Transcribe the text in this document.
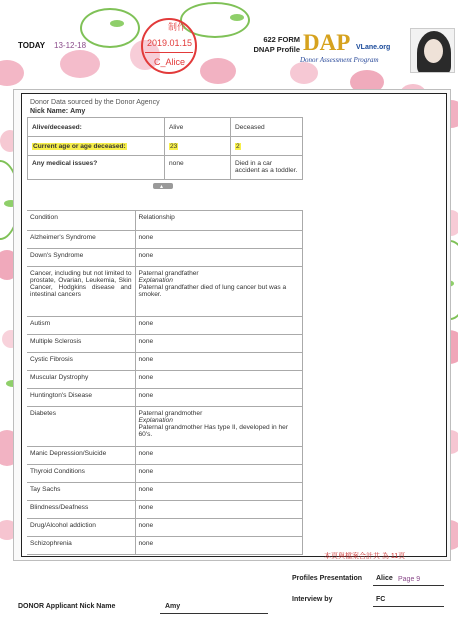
TODAY 13-12-18
制作
2019.01.15
C_Alice
622 FORM
DNAP Profile DAP VLane.org
Donor Assessment Program
Donor Data sourced by the Donor Agency
Nick Name: Amy
Alive/deceased:	Alive	Deceased
Current age or age deceased:	23	2
Any medical issues?	none	Died in a car accident as a toddler.
▴
Condition	Relationship
Alzheimer's Syndrome	none
Down's Syndrome	none
Cancer, including but not limited to prostate, Ovarian, Leukemia, Skin Cancer, Hodgkins disease and intestinal cancers	Paternal grandfather
Explanation
Paternal grandfather died of lung cancer but was a smoker.

Autism	none
Multiple Sclerosis	none
Cystic Fibrosis	none
Muscular Dystrophy	none
Huntington's Disease	none
Diabetes	Paternal grandmother
Explanation
Paternal grandmother Has type II, developed in her 60's.

Manic Depression/Suicide	none
Thyroid Conditions	none
Tay Sachs	none
Blindness/Deafness	none
Drug/Alcohol addiction	none
Schizophrenia	none
本頁與檔案合計共 為 11頁
Profiles Presentation Alice Page 9
Interview by	FC
DONOR Applicant Nick Name	Amy
